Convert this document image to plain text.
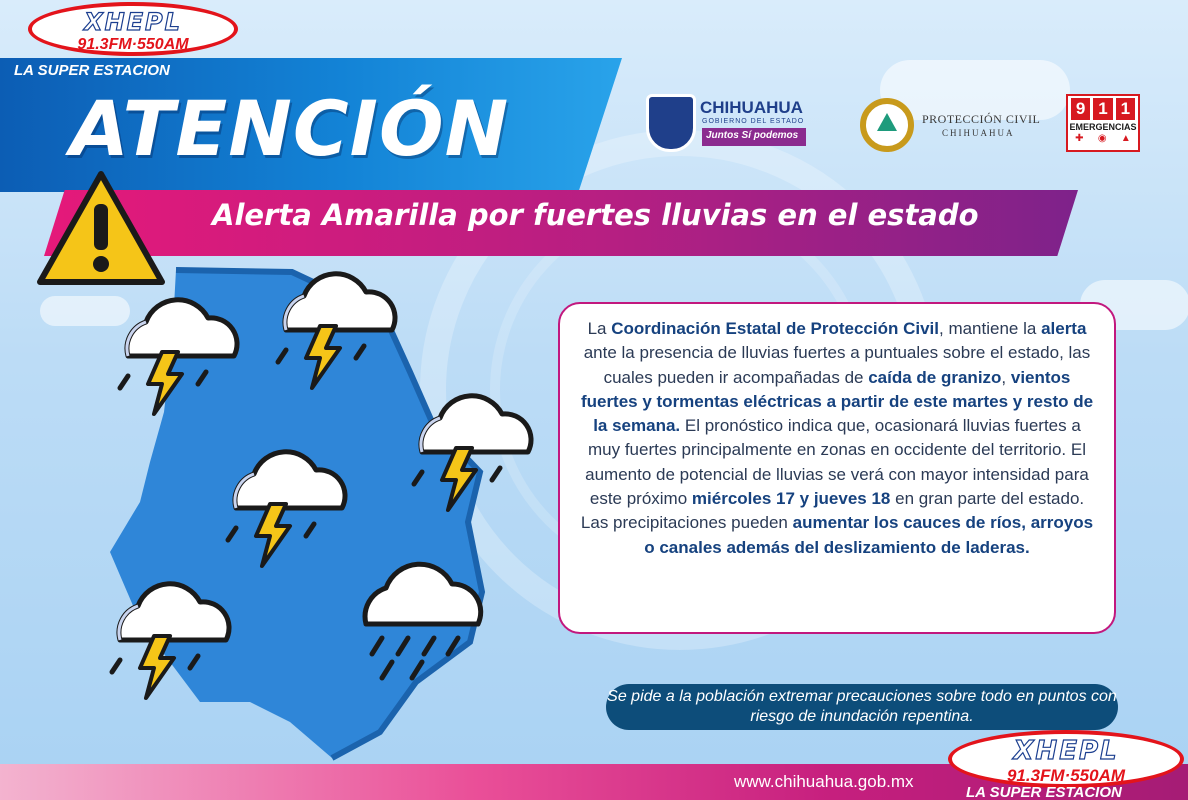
XHEPL
91.3FM·550AM
LA SUPER ESTACION
ATENCIÓN
Alerta Amarilla por fuertes lluvias en el estado
CHIHUAHUA
GOBIERNO DEL ESTADO
Juntos Sí podemos
PROTECCIÓN CIVIL
CHIHUAHUA
9 1 1
EMERGENCIAS
✚ ◉ ▲
La Coordinación Estatal de Protección Civil, mantiene la alerta ante la presencia de lluvias fuertes a puntuales sobre el estado, las cuales pueden ir acompañadas de caída de granizo, vientos fuertes y tormentas eléctricas a partir de este martes y resto de la semana. El pronóstico indica que, ocasionará lluvias fuertes a muy fuertes principalmente en zonas en occidente del territorio. El aumento de potencial de lluvias se verá con mayor intensidad para este próximo miércoles 17 y jueves 18 en gran parte del estado. Las precipitaciones pueden aumentar los cauces de ríos, arroyos o canales además del deslizamiento de laderas.
Se pide a la población extremar precauciones sobre todo en puntos con riesgo de inundación repentina.
www.chihuahua.gob.mx
XHEPL
91.3FM·550AM
LA SUPER ESTACION
